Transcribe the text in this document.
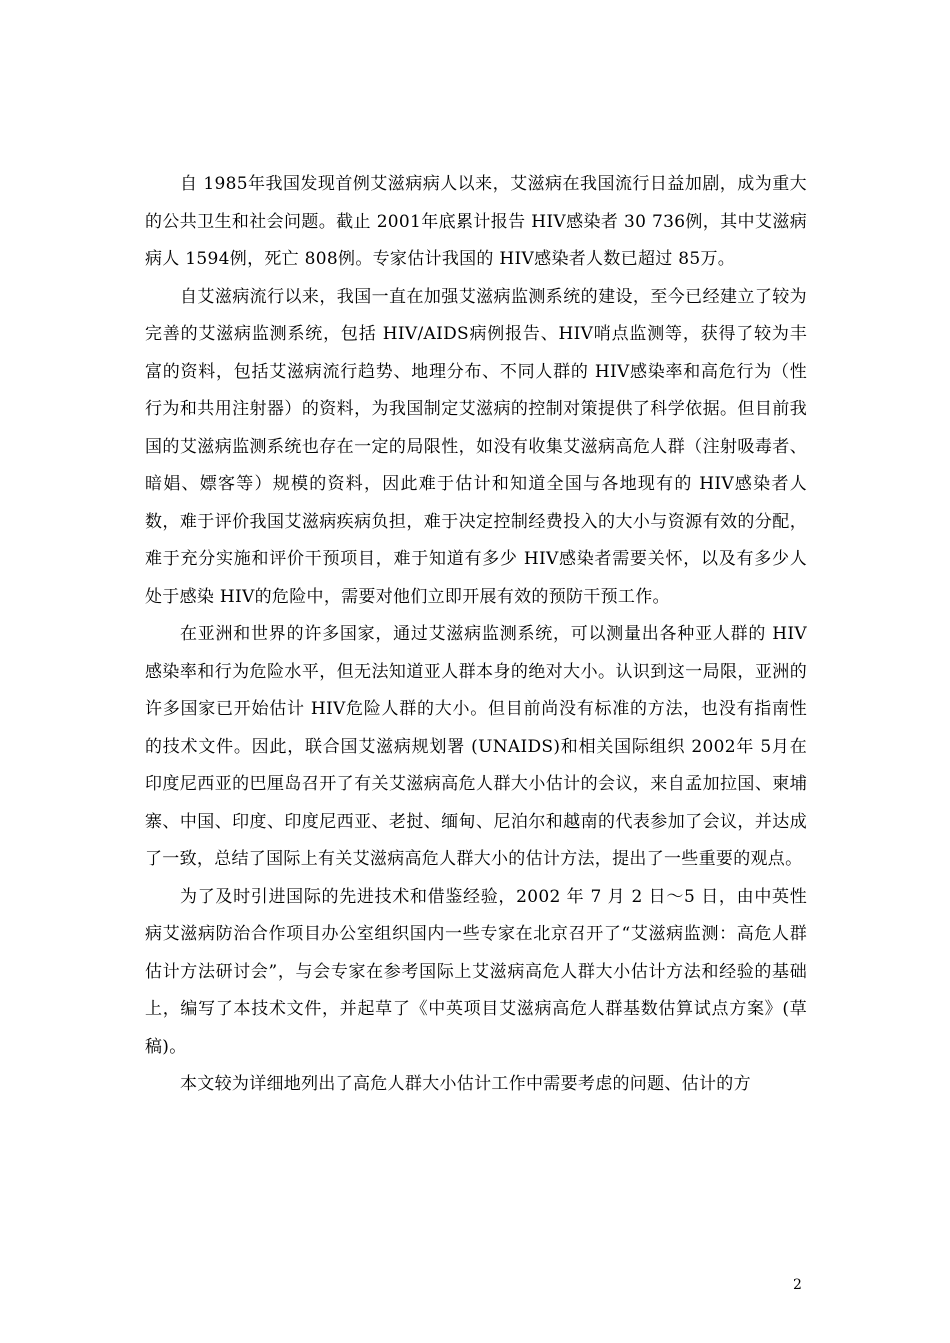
自 1985年我国发现首例艾滋病病人以来，艾滋病在我国流行日益加剧，成为重大的公共卫生和社会问题。截止 2001年底累计报告 HIV感染者 30 736例，其中艾滋病病人 1594例，死亡 808例。专家估计我国的 HIV感染者人数已超过 85万。

自艾滋病流行以来，我国一直在加强艾滋病监测系统的建设，至今已经建立了较为完善的艾滋病监测系统，包括 HIV/AIDS病例报告、HIV哨点监测等，获得了较为丰富的资料，包括艾滋病流行趋势、地理分布、不同人群的 HIV感染率和高危行为（性行为和共用注射器）的资料，为我国制定艾滋病的控制对策提供了科学依据。但目前我国的艾滋病监测系统也存在一定的局限性，如没有收集艾滋病高危人群（注射吸毒者、暗娼、嫖客等）规模的资料，因此难于估计和知道全国与各地现有的 HIV感染者人数，难于评价我国艾滋病疾病负担，难于决定控制经费投入的大小与资源有效的分配，难于充分实施和评价干预项目，难于知道有多少 HIV感染者需要关怀，以及有多少人处于感染 HIV的危险中，需要对他们立即开展有效的预防干预工作。

在亚洲和世界的许多国家，通过艾滋病监测系统，可以测量出各种亚人群的 HIV感染率和行为危险水平，但无法知道亚人群本身的绝对大小。认识到这一局限，亚洲的许多国家已开始估计 HIV危险人群的大小。但目前尚没有标准的方法，也没有指南性的技术文件。因此，联合国艾滋病规划署 (UNAIDS)和相关国际组织 2002年 5月在印度尼西亚的巴厘岛召开了有关艾滋病高危人群大小估计的会议，来自孟加拉国、柬埔寨、中国、印度、印度尼西亚、老挝、缅甸、尼泊尔和越南的代表参加了会议，并达成了一致，总结了国际上有关艾滋病高危人群大小的估计方法，提出了一些重要的观点。

为了及时引进国际的先进技术和借鉴经验，2002 年 7 月 2 日～5 日，由中英性病艾滋病防治合作项目办公室组织国内一些专家在北京召开了“艾滋病监测：高危人群估计方法研讨会”，与会专家在参考国际上艾滋病高危人群大小估计方法和经验的基础上，编写了本技术文件，并起草了《中英项目艾滋病高危人群基数估算试点方案》(草稿)。

本文较为详细地列出了高危人群大小估计工作中需要考虑的问题、估计的方

2
